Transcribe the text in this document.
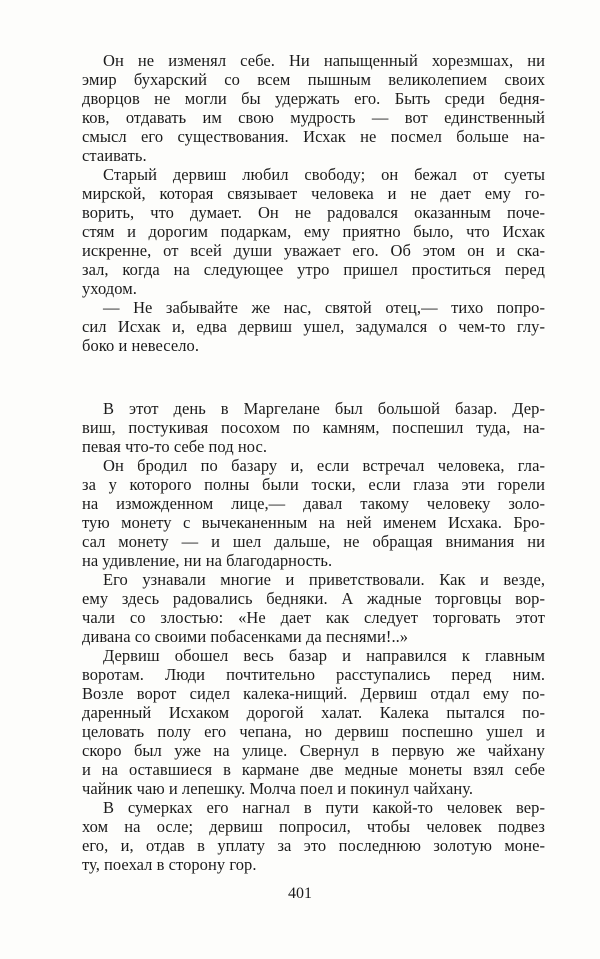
Он не изменял себе. Ни напыщенный хорезмшах, ни
эмир бухарский со всем пышным великолепием своих
дворцов не могли бы удержать его. Быть среди бедня-
ков, отдавать им свою мудрость — вот единственный
смысл его существования. Исхак не посмел больше на-
стаивать.
Старый дервиш любил свободу; он бежал от суеты
мирской, которая связывает человека и не дает ему го-
ворить, что думает. Он не радовался оказанным поче-
стям и дорогим подаркам, ему приятно было, что Исхак
искренне, от всей души уважает его. Об этом он и ска-
зал, когда на следующее утро пришел проститься перед
уходом.
— Не забывайте же нас, святой отец,— тихо попро-
сил Исхак и, едва дервиш ушел, задумался о чем-то глу-
боко и невесело.
В этот день в Маргелане был большой базар. Дер-
виш, постукивая посохом по камням, поспешил туда, на-
певая что-то себе под нос.
Он бродил по базару и, если встречал человека, гла-
за у которого полны были тоски, если глаза эти горели
на изможденном лице,— давал такому человеку золо-
тую монету с вычеканенным на ней именем Исхака. Бро-
сал монету — и шел дальше, не обращая внимания ни
на удивление, ни на благодарность.
Его узнавали многие и приветствовали. Как и везде,
ему здесь радовались бедняки. А жадные торговцы вор-
чали со злостью: «Не дает как следует торговать этот
дивана со своими побасенками да песнями!..»
Дервиш обошел весь базар и направился к главным
воротам. Люди почтительно расступались перед ним.
Возле ворот сидел калека-нищий. Дервиш отдал ему по-
даренный Исхаком дорогой халат. Калека пытался по-
целовать полу его чепана, но дервиш поспешно ушел и
скоро был уже на улице. Свернул в первую же чайхану
и на оставшиеся в кармане две медные монеты взял себе
чайник чаю и лепешку. Молча поел и покинул чайхану.
В сумерках его нагнал в пути какой-то человек вер-
хом на осле; дервиш попросил, чтобы человек подвез
его, и, отдав в уплату за это последнюю золотую моне-
ту, поехал в сторону гор.
401
